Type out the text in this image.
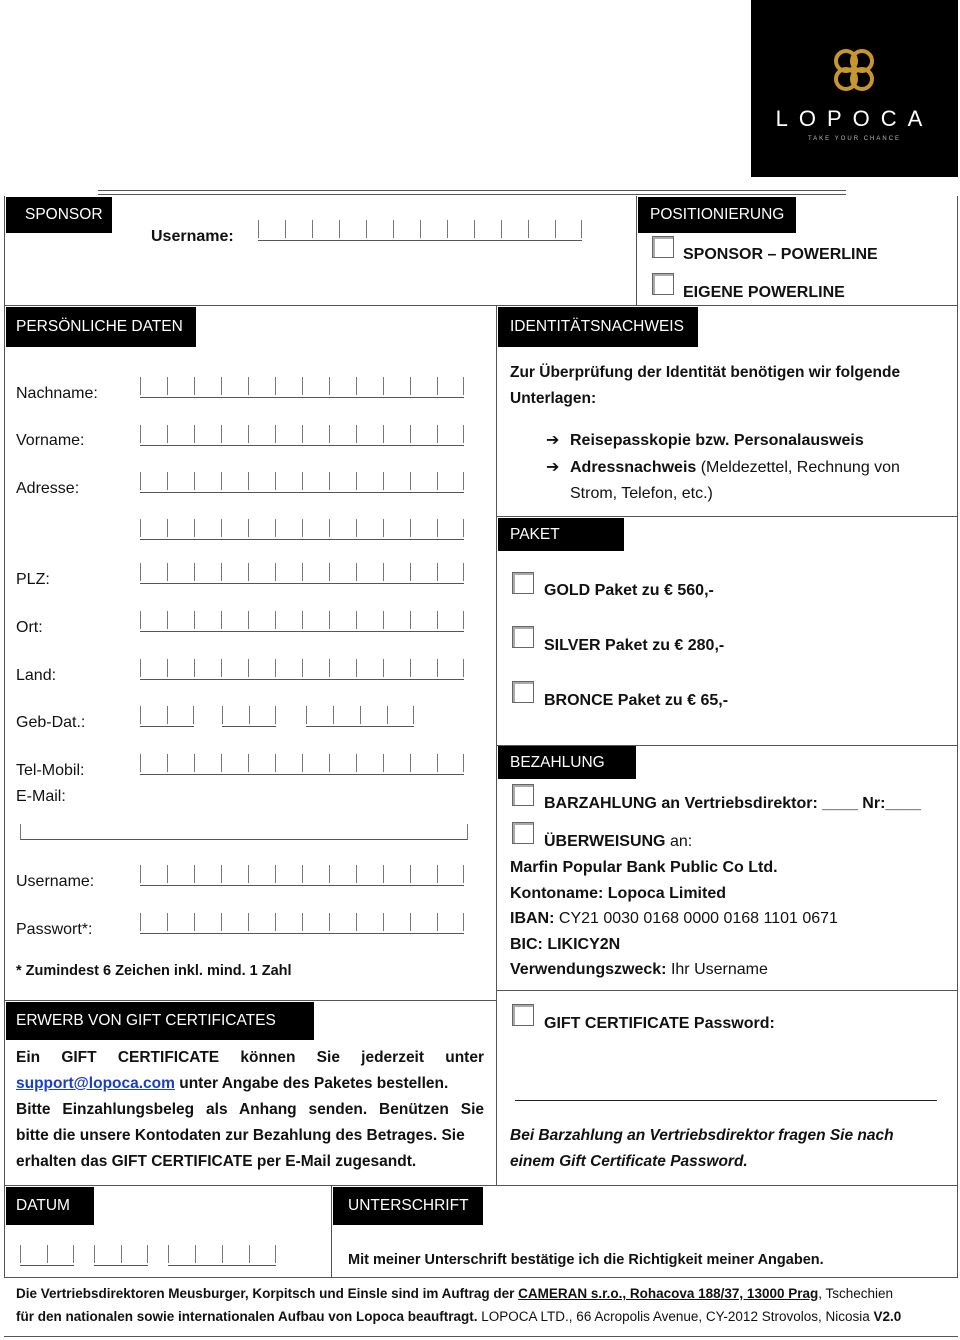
LOPOCA
TAKE YOUR CHANCE
SPONSOR
Username:
POSITIONIERUNG
SPONSOR – POWERLINE
EIGENE POWERLINE
PERSÖNLICHE DATEN
Nachname:
Vorname:
Adresse:
PLZ:
Ort:
Land:
Geb-Dat.:
Tel-Mobil:
E-Mail:
Username:
Passwort*:
* Zumindest 6 Zeichen inkl. mind. 1 Zahl
IDENTITÄTSNACHWEIS
Zur Überprüfung der Identität benötigen wir folgende Unterlagen:
➔ Reisepasskopie bzw. Personalausweis
➔ Adressnachweis (Meldezettel, Rechnung von
Strom, Telefon, etc.)
PAKET
GOLD Paket zu € 560,-
SILVER Paket zu € 280,-
BRONCE Paket zu € 65,-
BEZAHLUNG
BARZAHLUNG an Vertriebsdirektor: ____ Nr:____
ÜBERWEISUNG an:
Marfin Popular Bank Public Co Ltd.
Kontoname: Lopoca Limited
IBAN: CY21 0030 0168 0000 0168 1101 0671
BIC: LIKICY2N
Verwendungszweck: Ihr Username
ERWERB VON GIFT CERTIFICATES
Ein GIFT CERTIFICATE können Sie jederzeit unter
support@lopoca.com unter Angabe des Paketes bestellen.
Bitte Einzahlungsbeleg als Anhang senden. Benützen Sie
bitte die unsere Kontodaten zur Bezahlung des Betrages. Sie
erhalten das GIFT CERTIFICATE per E-Mail zugesandt.
GIFT CERTIFICATE Password:
Bei Barzahlung an Vertriebsdirektor fragen Sie nach
einem Gift Certificate Password.
DATUM	UNTERSCHRIFT
Mit meiner Unterschrift bestätige ich die Richtigkeit meiner Angaben.
Die Vertriebsdirektoren Meusburger, Korpitsch und Einsle sind im Auftrag der CAMERAN s.r.o., Rohacova 188/37, 13000 Prag, Tschechien
für den nationalen sowie internationalen Aufbau von Lopoca beauftragt. LOPOCA LTD., 66 Acropolis Avenue, CY-2012 Strovolos, Nicosia V2.0
